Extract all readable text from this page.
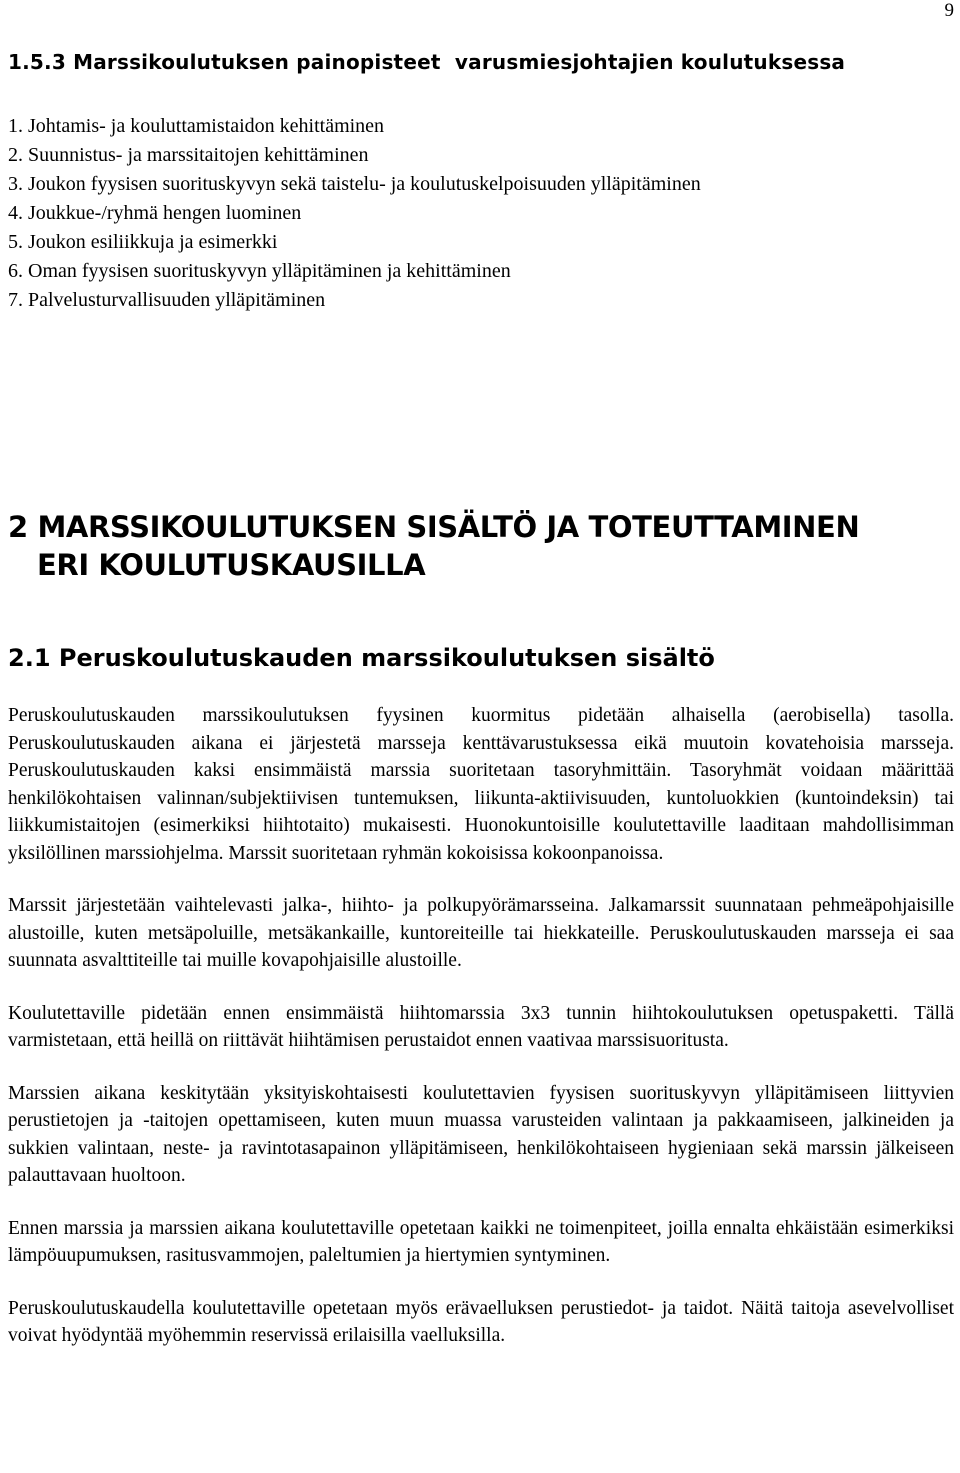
9
1.5.3 Marssikoulutuksen painopisteet  varusmiesjohtajien koulutuksessa
1. Johtamis- ja kouluttamistaidon kehittäminen
2. Suunnistus- ja marssitaitojen kehittäminen
3. Joukon fyysisen suorituskyvyn sekä taistelu- ja koulutuskelpoisuuden ylläpitäminen
4. Joukkue-/ryhmä hengen luominen
5. Joukon esiliikkuja ja esimerkki
6. Oman fyysisen suorituskyvyn ylläpitäminen ja kehittäminen
7. Palvelusturvallisuuden ylläpitäminen
2 MARSSIKOULUTUKSEN SISÄLTÖ JA TOTEUTTAMINEN
ERI KOULUTUSKAUSILLA
2.1 Peruskoulutuskauden marssikoulutuksen sisältö

Peruskoulutuskauden marssikoulutuksen fyysinen kuormitus pidetään alhaisella (aerobisella) tasolla. Peruskoulutuskauden aikana ei järjestetä marsseja kenttävarustuksessa eikä muutoin kovatehoisia marsseja. Peruskoulutuskauden kaksi ensimmäistä marssia suoritetaan tasoryhmittäin. Tasoryhmät voidaan määrittää henkilökohtaisen valinnan/subjektiivisen tuntemuksen, liikunta-aktiivisuuden, kuntoluokkien (kuntoindeksin) tai liikkumistaitojen (esimerkiksi hiihtotaito) mukaisesti. Huonokuntoisille koulutettaville laaditaan mahdollisimman yksilöllinen marssiohjelma. Marssit suoritetaan ryhmän kokoisissa kokoonpanoissa.

Marssit järjestetään vaihtelevasti jalka-, hiihto- ja polkupyörämarsseina. Jalkamarssit suunnataan pehmeäpohjaisille alustoille, kuten metsäpoluille, metsäkankaille, kuntoreiteille tai hiekkateille. Peruskoulutuskauden marsseja ei saa suunnata asvalttiteille tai muille kovapohjaisille alustoille.

Koulutettaville pidetään ennen ensimmäistä hiihtomarssia 3x3 tunnin hiihtokoulutuksen opetuspaketti. Tällä varmistetaan, että heillä on riittävät hiihtämisen perustaidot ennen vaativaa marssisuoritusta.

Marssien aikana keskitytään yksityiskohtaisesti koulutettavien fyysisen suorituskyvyn ylläpitämiseen liittyvien perustietojen ja -taitojen opettamiseen, kuten muun muassa varusteiden valintaan ja pakkaamiseen, jalkineiden ja sukkien valintaan, neste- ja ravintotasapainon ylläpitämiseen, henkilökohtaiseen hygieniaan sekä marssin jälkeiseen palauttavaan huoltoon.

Ennen marssia ja marssien aikana koulutettaville opetetaan kaikki ne toimenpiteet, joilla ennalta ehkäistään esimerkiksi lämpöuupumuksen, rasitusvammojen, paleltumien ja hiertymien syntyminen.

Peruskoulutuskaudella koulutettaville opetetaan myös erävaelluksen perustiedot- ja taidot. Näitä taitoja asevelvolliset voivat hyödyntää myöhemmin reservissä erilaisilla vaelluksilla.
